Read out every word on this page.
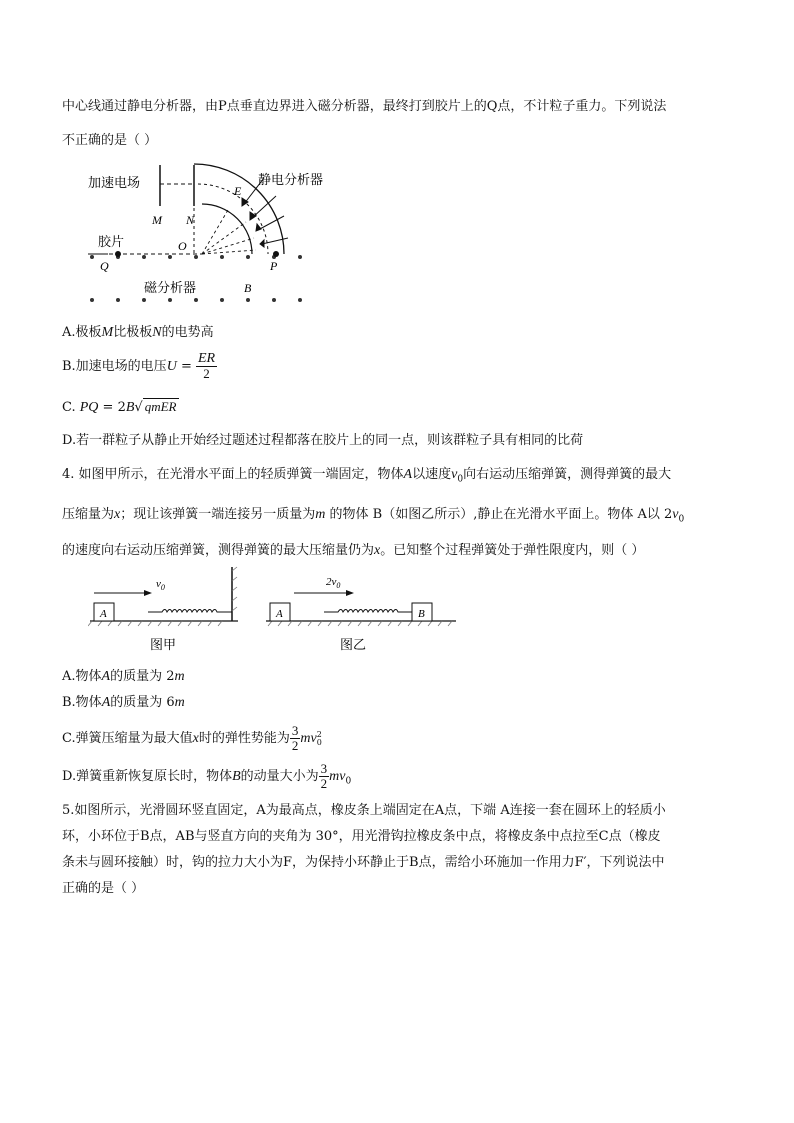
中心线通过静电分析器，由P点垂直边界进入磁分析器，最终打到胶片上的Q点，不计粒子重力。下列说法
不正确的是（ ）
加速电场	静电分析器
胶片
磁分析器
E
M N
O
Q	P
B
A.极板M比极板N的电势高
B.加速电场的电压$U = \frac{ER}{2}$
C. PQ = 2B√ qmER
D.若一群粒子从静止开始经过题述过程都落在胶片上的同一点，则该群粒子具有相同的比荷
4. 如图甲所示，在光滑水平面上的轻质弹簧一端固定，物体A以速度$v_0$向右运动压缩弹簧，测得弹簧的最大
压缩量为x；现让该弹簧一端连接另一质量为m 的物体 B（如图乙所示）,静止在光滑水平面上。物体 A以 $2v_0$
的速度向右运动压缩弹簧，测得弹簧的最大压缩量仍为x。已知整个过程弹簧处于弹性限度内，则（ ）
A
$v_0$
图甲
A	B
$2v_0$
图乙
A.物体A的质量为 2m
B.物体A的质量为 6m
C.弹簧压缩量为最大值x时的弹性势能为 $\frac{3}{2}$ mv 2
0
D.弹簧重新恢复原长时，物体B的动量大小为 $\frac{3}{2} mv_0$
5.如图所示，光滑圆环竖直固定，A为最高点，橡皮条上端固定在A点，下端 A连接一套在圆环上的轻质小
环，小环位于B点，AB与竖直方向的夹角为 30°，用光滑钩拉橡皮条中点，将橡皮条中点拉至C点（橡皮
条未与圆环接触）时，钩的拉力大小为F，为保持小环静止于B点，需给小环施加一作用力F′，下列说法中
正确的是（ ）
